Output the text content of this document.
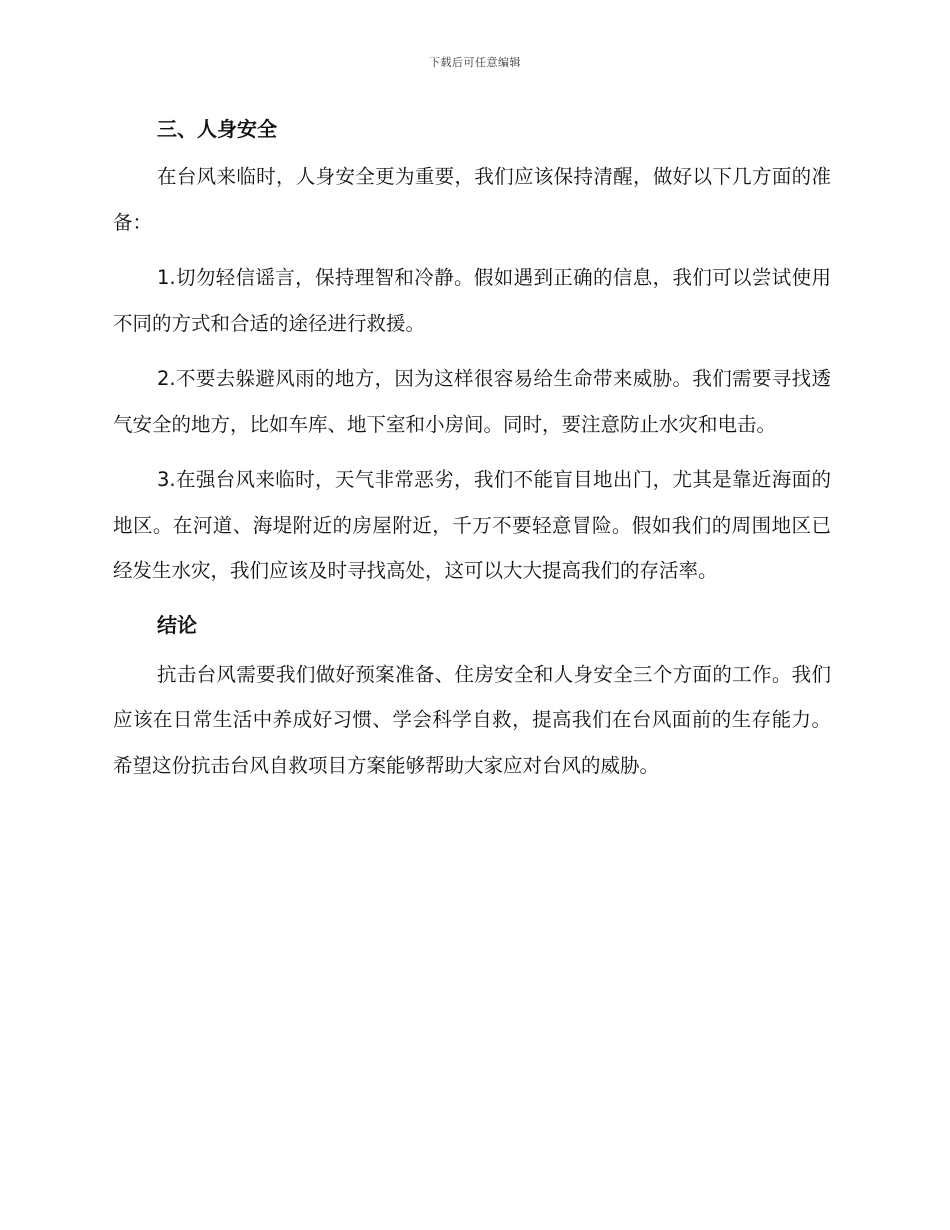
下载后可任意编辑
三、人身安全

在台风来临时，人身安全更为重要，我们应该保持清醒，做好以下几方面的准备：

1.切勿轻信谣言，保持理智和冷静。假如遇到正确的信息，我们可以尝试使用不同的方式和合适的途径进行救援。

2.不要去躲避风雨的地方，因为这样很容易给生命带来威胁。我们需要寻找透气安全的地方，比如车库、地下室和小房间。同时，要注意防止水灾和电击。

3.在强台风来临时，天气非常恶劣，我们不能盲目地出门，尤其是靠近海面的地区。在河道、海堤附近的房屋附近，千万不要轻意冒险。假如我们的周围地区已经发生水灾，我们应该及时寻找高处，这可以大大提高我们的存活率。

结论

抗击台风需要我们做好预案准备、住房安全和人身安全三个方面的工作。我们应该在日常生活中养成好习惯、学会科学自救，提高我们在台风面前的生存能力。希望这份抗击台风自救项目方案能够帮助大家应对台风的威胁。
